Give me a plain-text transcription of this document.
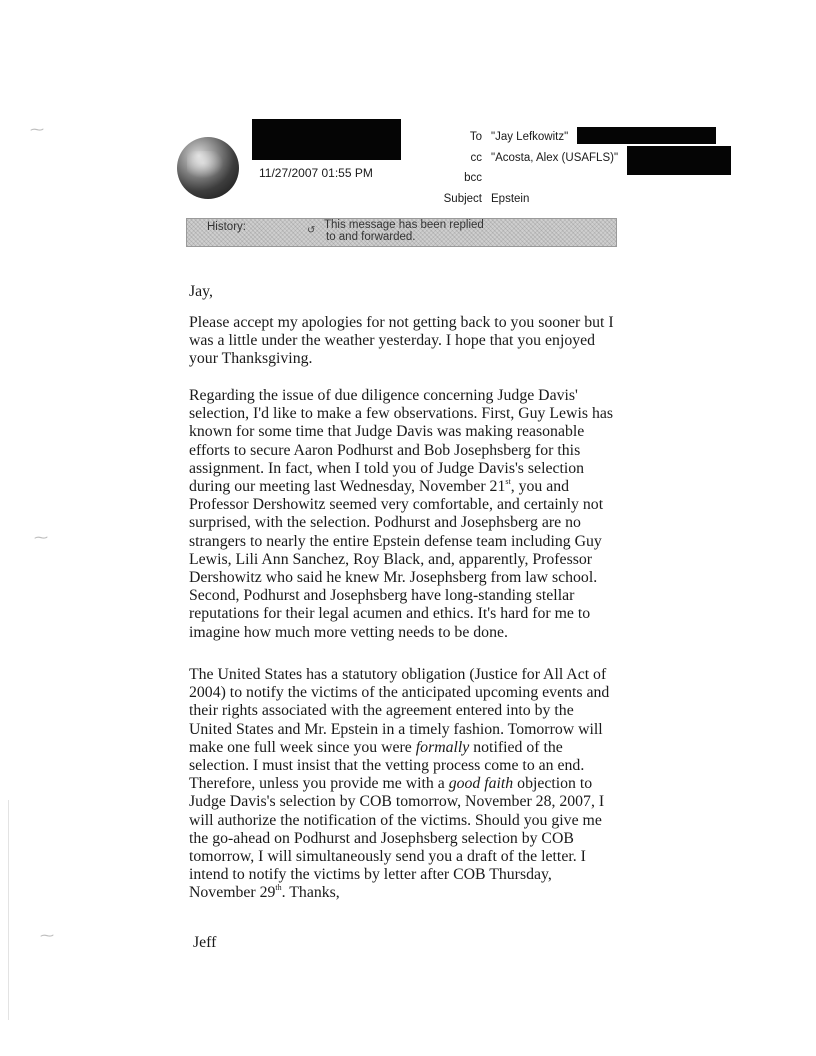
11/27/2007 01:55 PM
To "Jay Lefkowitz"
cc "Acosta, Alex (USAFLS)"
bcc
Subject Epstein
History:	↺ This message has been replied
to and forwarded.
Jay,
Please accept my apologies for not getting back to you sooner but I
was a little under the weather yesterday. I hope that you enjoyed
your Thanksgiving.
Regarding the issue of due diligence concerning Judge Davis'
selection, I'd like to make a few observations. First, Guy Lewis has
known for some time that Judge Davis was making reasonable
efforts to secure Aaron Podhurst and Bob Josephsberg for this
assignment. In fact, when I told you of Judge Davis's selection
during our meeting last Wednesday, November 21st, you and
Professor Dershowitz seemed very comfortable, and certainly not
surprised, with the selection. Podhurst and Josephsberg are no
strangers to nearly the entire Epstein defense team including Guy
Lewis, Lili Ann Sanchez, Roy Black, and, apparently, Professor
Dershowitz who said he knew Mr. Josephsberg from law school.
Second, Podhurst and Josephsberg have long-standing stellar
reputations for their legal acumen and ethics. It's hard for me to
imagine how much more vetting needs to be done.
The United States has a statutory obligation (Justice for All Act of
2004) to notify the victims of the anticipated upcoming events and
their rights associated with the agreement entered into by the
United States and Mr. Epstein in a timely fashion. Tomorrow will
make one full week since you were formally notified of the
selection. I must insist that the vetting process come to an end.
Therefore, unless you provide me with a good faith objection to
Judge Davis's selection by COB tomorrow, November 28, 2007, I
will authorize the notification of the victims. Should you give me
the go-ahead on Podhurst and Josephsberg selection by COB
tomorrow, I will simultaneously send you a draft of the letter. I
intend to notify the victims by letter after COB Thursday,
November 29th. Thanks,
Jeff
⁓
⁓
⁓
